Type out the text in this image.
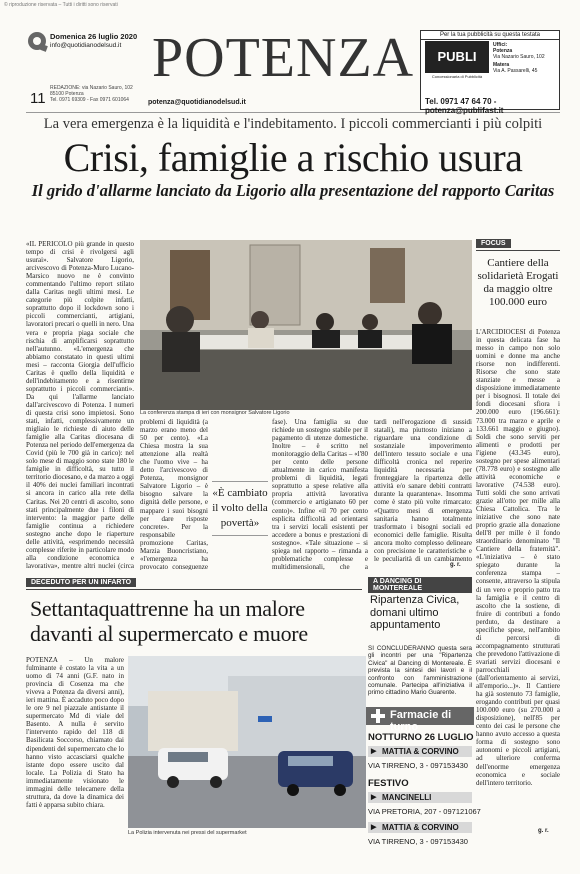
© riproduzione riservata – Tutti i diritti sono riservati
Domenica 26 luglio 2020
info@quotidianodelsud.it POTENZA
11
REDAZIONE: via Nazario Sauro, 102
85100 Potenza
Tel. 0971 69309 - Fax 0971 601064	potenza@quotidianodelsud.it
Per la tua pubblicità su questa testata
PUBLI Fast
Concessionaria di Pubblicità
Uffici:
Potenza
Via Nazario Sauro, 102
Matera
Via A. Passarelli, 45
Tel. 0971 47 64 70 - potenza@publifast.it
La vera emergenza è la liquidità e l'indebitamento. I piccoli commercianti i più colpiti
Crisi, famiglie a rischio usura
Il grido d'allarme lanciato da Ligorio alla presentazione del rapporto Caritas
«IL PERICOLO più grande in questo tempo di crisi è rivolgersi agli usurai». Salvatore Ligorio, arcivescovo di Potenza-Muro Lucano-Marsico nuovo ne è convinto commentando l'ultimo report stilato dalla Caritas negli ultimi mesi. Le categorie più colpite infatti, soprattutto dopo il lockdown sono i piccoli commercianti, artigiani, lavoratori precari o quelli in nero. Una vera e propria piaga sociale che rischia di amplificarsi soprattutto nell'autunno. «L'emergenza che abbiamo constatato in questi ultimi mesi – racconta Giorgia dell'ufficio Caritas è quello della liquidità e dell'indebitamento e a risentirne soprattutto i piccoli commercianti». Da qui l'allarme lanciato dall'arcivescovo di Potenza. I numeri di questa crisi sono impietosi. Sono stati, infatti, complessivamente un migliaio le richieste di aiuto delle famiglie alla Caritas diocesana di Potenza nel periodo dell'emergenza da Covid (più le 700 già in carico): nel solo mese di maggio sono state 180 le famiglie in difficoltà, su tutto il territorio diocesano, e da marzo a oggi il 40% dei nuclei familiari incontrati si ancora in carico alla rete della Caritas. Nei 20 centri di ascolto, sono stati principalmente due i filoni di intervento: la maggior parte delle famiglie continua a richiedere sostegno anche dopo le riaperture delle attività, «esprimendo necessità complesse riferite in particolare modo alla condizione economica e lavorativa», mentre altri nuclei (circa
La conferenza stampa di ieri con monsignor Salvatore Ligorio
problemi di liquidità (a marzo erano meno del 50 per cento). «La Chiesa mostra la sua attenzione alla realtà che l'uomo vive – ha detto l'arcivescovo di Potenza, monsignor Salvatore Ligorio – è bisogno salvare la dignità delle persone, e mappare i suoi bisogni per dare risposte concrete». Per la responsabile promozione Caritas, Marzia Buoncristiano, «l'emergenza ha provocato conseguenze
«È cambiato il volto della povertà»
fase). Una famiglia su due richiede un sostegno stabile per il pagamento di utenze domestiche. Inoltre – è scritto nel monitoraggio della Caritas – «l'80 per cento delle persone attualmente in carico manifesta problemi di liquidità, legati soprattutto a spese relative alla propria attività lavorativa (commercio e artigianato 60 per cento)». Infine «il 70 per cento esplicita difficoltà ad orientarsi tra i servizi locali esistenti per accedere a bonus e prestazioni di sostegno». «Tale situazione – si spiega nel rapporto – rimanda a problematiche complesse e multidimensionali, che a
tardi nell'erogazione di sussidi statali), ma piuttosto iniziano a riguardare una condizione di sostanziale impoverimento dell'intero tessuto sociale e una difficoltà cronica nel reperire liquidità necessaria per fronteggiare la ripartenza delle attività e/o sanare debiti contratti durante la quarantena». Insomma come è stato più volte rimarcato: «Quattro mesi di emergenza sanitaria hanno totalmente trasformato i bisogni sociali ed economici delle famiglie. Risulta ancora molto complesso delineare con precisione le caratteristiche e le peculiarità di un cambiamento
g. r.
FOCUS
Cantiere della solidarietà Erogati da maggio oltre 100.000 euro
L'ARCIDIOCESI di Potenza in questa delicata fase ha messo in campo non solo uomini e donne ma anche risorse non indifferenti. Risorse che sono state stanziate e messe a disposizione immediatamente per i bisognosi. Il totale dei fondi diocesani sfiora i 200.000 euro (196.661): 73.000 tra marzo e aprile e 133.661 maggio e giugno). Soldi che sono serviti per alimenti e prodotti per l'igiene (43.345 euro), sostegno per spese alimentari (78.778 euro) e sostegno alle attività economiche e lavorative (74.538 euro). Tutti soldi che sono arrivati grazie all'otto per mille alla Chiesa Cattolica. Tra le iniziative che sono nate proprio grazie alla donazione dell'8 per mille è il fondo straordinario denominato "Il Cantiere della fraternità". «L'iniziativa – è stato spiegato durante la conferenza stampa – consente, attraverso la stipula di un vero e proprio patto tra la famiglia e il centro di ascolto che la sostiene, di fruire di contributi a fondo perduto, da destinare a specifiche spese, nell'ambito di percorsi di accompagnamento strutturati che prevedono l'attivazione di svariati servizi diocesani e parrocchiali (dall'orientamento ai servizi, all'emporio...)». Il Cantiere ha già sostenuto 73 famiglie, erogando contributi per quasi 100.000 euro (su 270.000 a disposizione), nell'85 per cento dei casi le persone che hanno avuto accesso a questa forma di sostegno sono autonomi e piccoli artigiani, ad ulteriore conferma dell'enorme emergenza economica e sociale dell'intero territorio.
g. r.
DECEDUTO PER UN INFARTO
Settantaquattrenne ha un malore davanti al supermercato e muore
POTENZA – Un malore fulminante è costato la vita a un uomo di 74 anni (G.F. nato in provincia di Cosenza ma che viveva a Potenza da diversi anni), ieri mattina. È accaduto poco dopo le ore 9 nel piazzale antistante il supermercato Md di viale del Basento. A nulla è servito l'intervento rapido del 118 di Basilicata Soccorso, chiamato dai dipendenti del supermercato che lo hanno visto accasciarsi qualche istante dopo essere uscito dal locale. La Polizia di Stato ha immediatamente visionato le immagini delle telecamere della struttura, da dove la dinamica dei fatti è apparsa subito chiara.
La Polizia intervenuta nei pressi del supermarket
A DANCING DI MONTEREALE
Ripartenza Civica, domani ultimo appuntamento
SI CONCLUDERANNO questa sera gli incontri per una "Ripartenza Civica" al Dancing di Montereale. È prevista la sintesi dei lavori e il confronto con l'amministrazione comunale. Partecipa all'iniziativa il primo cittadino Mario Guarente.
Farmacie di turno
NOTTURNO 26 LUGLIO
▶ MATTIA & CORVINO
VIA TIRRENO, 3 - 097153430
FESTIVO
▶ MANCINELLI
VIA PRETORIA, 207 - 097121067
▶ MATTIA & CORVINO
VIA TIRRENO, 3 - 097153430
